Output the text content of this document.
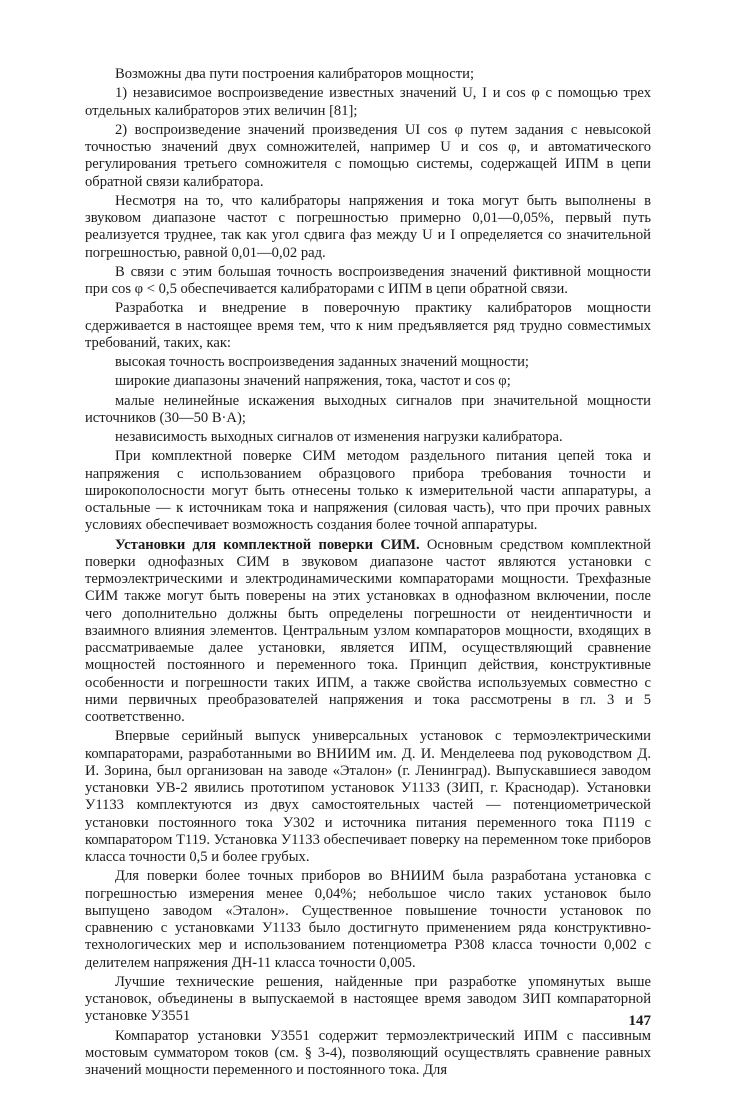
Возможны два пути построения калибраторов мощности;

1) независимое воспроизведение известных значений U, I и cos φ с помощью трех отдельных калибраторов этих величин [81];

2) воспроизведение значений произведения UI cos φ путем задания с невысокой точностью значений двух сомножителей, например U и cos φ, и автоматического регулирования третьего сомножителя с помощью системы, содержащей ИПМ в цепи обратной связи калибратора.

Несмотря на то, что калибраторы напряжения и тока могут быть выполнены в звуковом диапазоне частот с погрешностью примерно 0,01—0,05%, первый путь реализуется труднее, так как угол сдвига фаз между U и I определяется со значительной погрешностью, равной 0,01—0,02 рад.

В связи с этим большая точность воспроизведения значений фиктивной мощности при cos φ < 0,5 обеспечивается калибраторами с ИПМ в цепи обратной связи.

Разработка и внедрение в поверочную практику калибраторов мощности сдерживается в настоящее время тем, что к ним предъявляется ряд трудно совместимых требований, таких, как:

высокая точность воспроизведения заданных значений мощности;

широкие диапазоны значений напряжения, тока, частот и cos φ;

малые нелинейные искажения выходных сигналов при значительной мощности источников (30—50 В·А);

независимость выходных сигналов от изменения нагрузки калибратора.

При комплектной поверке СИМ методом раздельного питания цепей тока и напряжения с использованием образцового прибора требования точности и широкополосности могут быть отнесены только к измерительной части аппаратуры, а остальные — к источникам тока и напряжения (силовая часть), что при прочих равных условиях обеспечивает возможность создания более точной аппаратуры.

Установки для комплектной поверки СИМ. Основным средством комплектной поверки однофазных СИМ в звуковом диапазоне частот являются установки с термоэлектрическими и электродинамическими компараторами мощности. Трехфазные СИМ также могут быть поверены на этих установках в однофазном включении, после чего дополнительно должны быть определены погрешности от неидентичности и взаимного влияния элементов. Центральным узлом компараторов мощности, входящих в рассматриваемые далее установки, является ИПМ, осуществляющий сравнение мощностей постоянного и переменного тока. Принцип действия, конструктивные особенности и погрешности таких ИПМ, а также свойства используемых совместно с ними первичных преобразователей напряжения и тока рассмотрены в гл. 3 и 5 соответственно.

Впервые серийный выпуск универсальных установок с термоэлектрическими компараторами, разработанными во ВНИИМ им. Д. И. Менделеева под руководством Д. И. Зорина, был организован на заводе «Эталон» (г. Ленинград). Выпускавшиеся заводом установки УВ-2 явились прототипом установок У1133 (ЗИП, г. Краснодар). Установки У1133 комплектуются из двух самостоятельных частей — потенциометрической установки постоянного тока У302 и источника питания переменного тока П119 с компаратором Т119. Установка У1133 обеспечивает поверку на переменном токе приборов класса точности 0,5 и более грубых.

Для поверки более точных приборов во ВНИИМ была разработана установка с погрешностью измерения менее 0,04%; небольшое число таких установок было выпущено заводом «Эталон». Существенное повышение точности установок по сравнению с установками У1133 было достигнуто применением ряда конструктивно-технологических мер и использованием потенциометра Р308 класса точности 0,002 с делителем напряжения ДН-11 класса точности 0,005.

Лучшие технические решения, найденные при разработке упомянутых выше установок, объединены в выпускаемой в настоящее время заводом ЗИП компараторной установке У3551

Компаратор установки У3551 содержит термоэлектрический ИПМ с пассивным мостовым сумматором токов (см. § 3-4), позволяющий осуществлять сравнение равных значений мощности переменного и постоянного тока. Для

147
